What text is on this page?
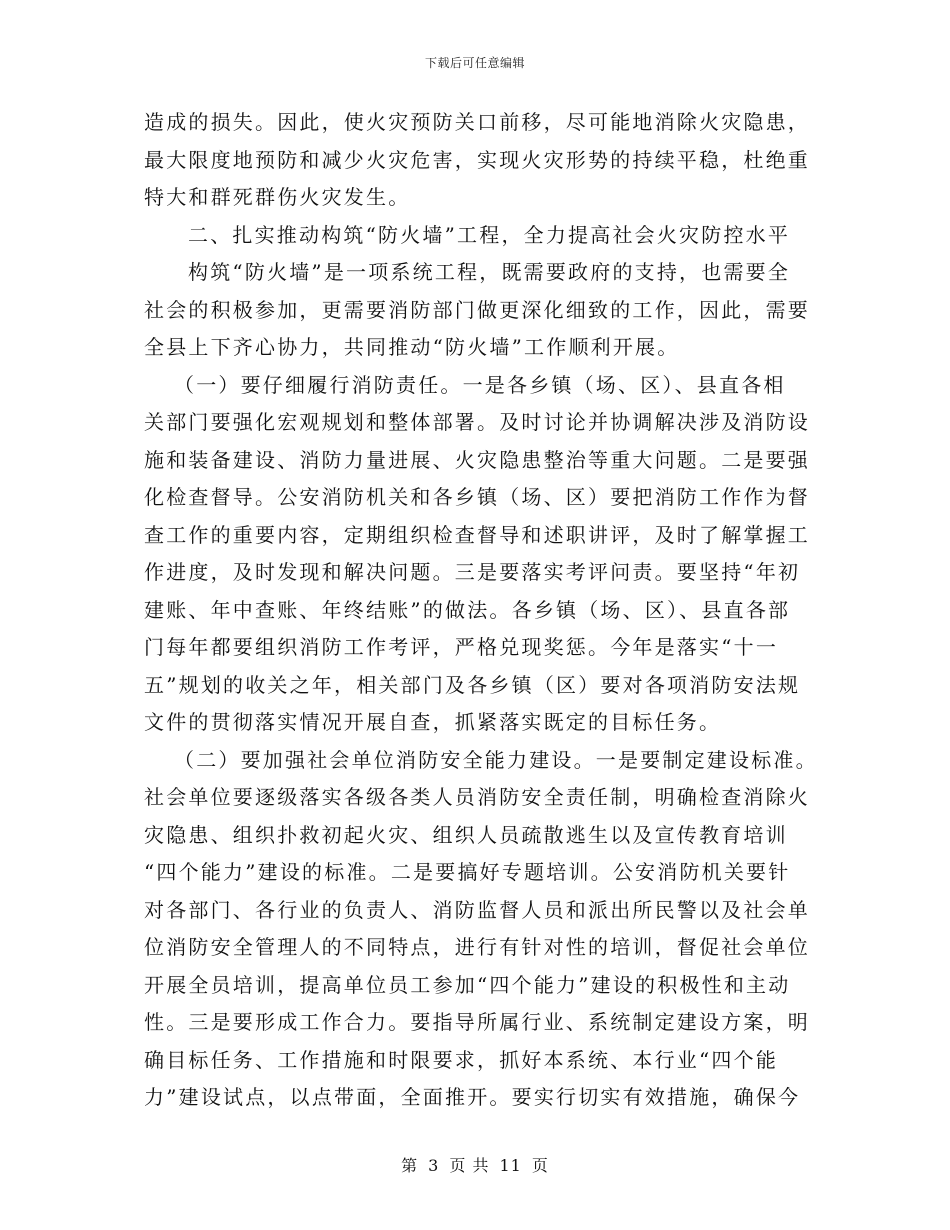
下载后可任意编辑
造成的损失。因此，使火灾预防关口前移，尽可能地消除火灾隐患，
最大限度地预防和减少火灾危害，实现火灾形势的持续平稳，杜绝重
特大和群死群伤火灾发生。
二、扎实推动构筑“防火墙”工程，全力提高社会火灾防控水平
构筑“防火墙”是一项系统工程，既需要政府的支持，也需要全
社会的积极参加，更需要消防部门做更深化细致的工作，因此，需要
全县上下齐心协力，共同推动“防火墙”工作顺利开展。
（一）要仔细履行消防责任。一是各乡镇（场、区）、县直各相
关部门要强化宏观规划和整体部署。及时讨论并协调解决涉及消防设
施和装备建设、消防力量进展、火灾隐患整治等重大问题。二是要强
化检查督导。公安消防机关和各乡镇（场、区）要把消防工作作为督
查工作的重要内容，定期组织检查督导和述职讲评，及时了解掌握工
作进度，及时发现和解决问题。三是要落实考评问责。要坚持“年初
建账、年中查账、年终结账”的做法。各乡镇（场、区）、县直各部
门每年都要组织消防工作考评，严格兑现奖惩。今年是落实“十一
五”规划的收关之年，相关部门及各乡镇（区）要对各项消防安法规
文件的贯彻落实情况开展自查，抓紧落实既定的目标任务。
（二）要加强社会单位消防安全能力建设。一是要制定建设标准。
社会单位要逐级落实各级各类人员消防安全责任制，明确检查消除火
灾隐患、组织扑救初起火灾、组织人员疏散逃生以及宣传教育培训
“四个能力”建设的标准。二是要搞好专题培训。公安消防机关要针
对各部门、各行业的负责人、消防监督人员和派出所民警以及社会单
位消防安全管理人的不同特点，进行有针对性的培训，督促社会单位
开展全员培训，提高单位员工参加“四个能力”建设的积极性和主动
性。三是要形成工作合力。要指导所属行业、系统制定建设方案，明
确目标任务、工作措施和时限要求，抓好本系统、本行业“四个能
力”建设试点，以点带面，全面推开。要实行切实有效措施，确保今
第 3 页 共 11 页
